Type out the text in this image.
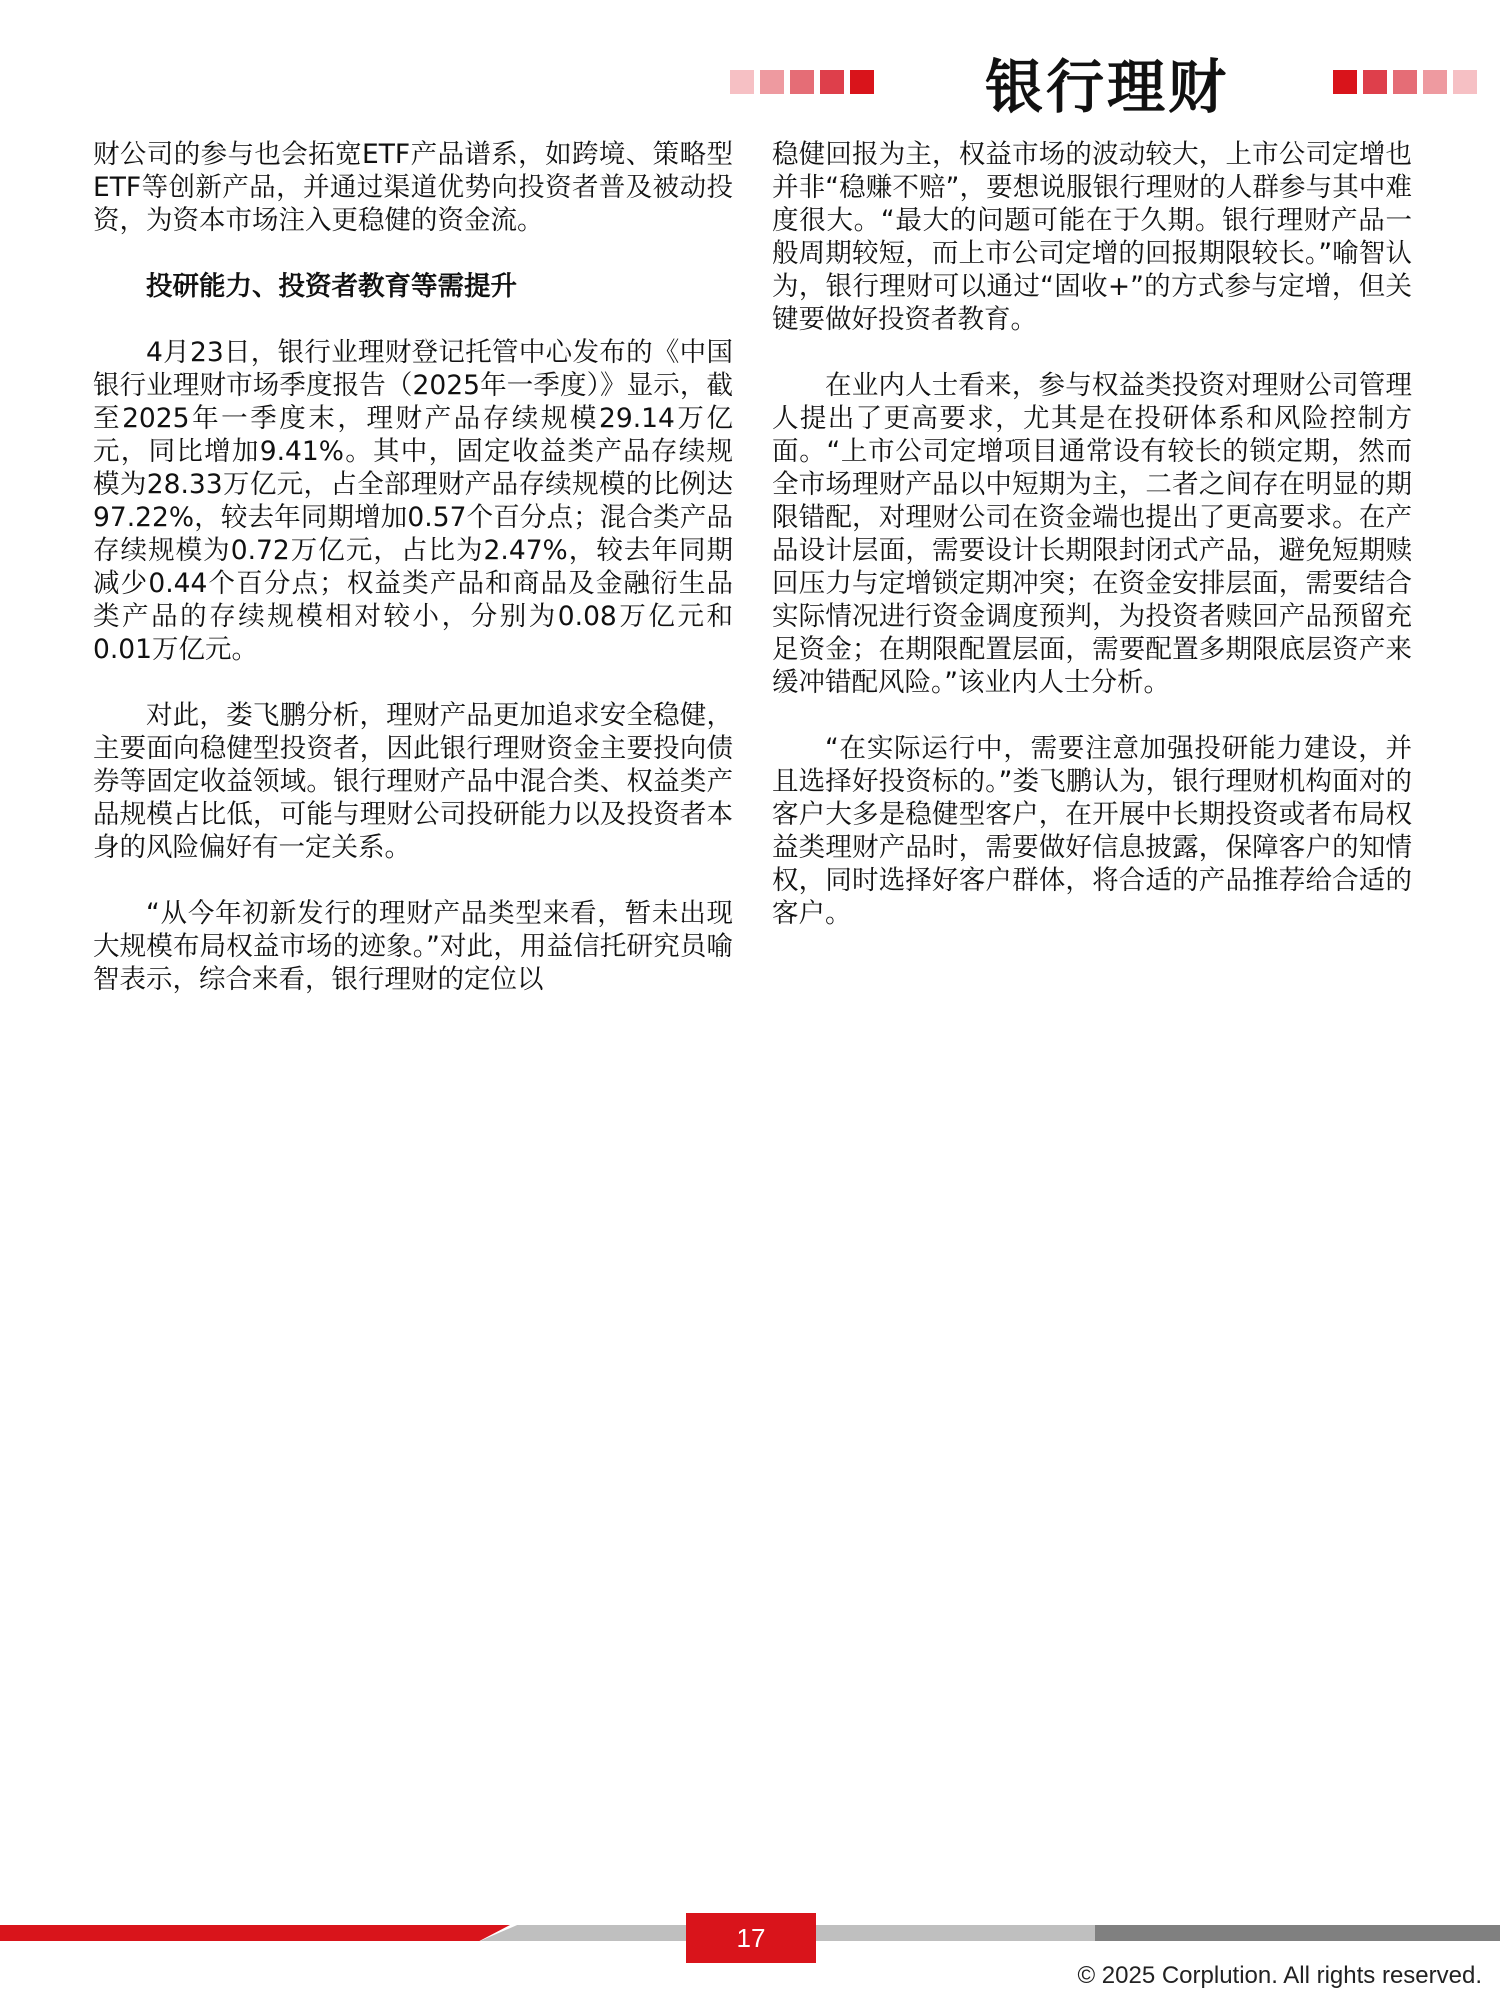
银行理财

财公司的参与也会拓宽ETF产品谱系，如跨境、策略型ETF等创新产品，并通过渠道优势向投资者普及被动投资，为资本市场注入更稳健的资金流。

投研能力、投资者教育等需提升

4月23日，银行业理财登记托管中心发布的《中国银行业理财市场季度报告（2025年一季度）》显示，截至2025年一季度末，理财产品存续规模29.14万亿元，同比增加9.41%。其中，固定收益类产品存续规模为28.33万亿元，占全部理财产品存续规模的比例达97.22%，较去年同期增加0.57个百分点；混合类产品存续规模为0.72万亿元，占比为2.47%，较去年同期减少0.44个百分点；权益类产品和商品及金融衍生品类产品的存续规模相对较小，分别为0.08万亿元和0.01万亿元。

对此，娄飞鹏分析，理财产品更加追求安全稳健，主要面向稳健型投资者，因此银行理财资金主要投向债券等固定收益领域。银行理财产品中混合类、权益类产品规模占比低，可能与理财公司投研能力以及投资者本身的风险偏好有一定关系。

“从今年初新发行的理财产品类型来看，暂未出现大规模布局权益市场的迹象。”对此，用益信托研究员喻智表示，综合来看，银行理财的定位以

稳健回报为主，权益市场的波动较大，上市公司定增也并非“稳赚不赔”，要想说服银行理财的人群参与其中难度很大。“最大的问题可能在于久期。银行理财产品一般周期较短，而上市公司定增的回报期限较长。”喻智认为，银行理财可以通过“固收+”的方式参与定增，但关键要做好投资者教育。

在业内人士看来，参与权益类投资对理财公司管理人提出了更高要求，尤其是在投研体系和风险控制方面。“上市公司定增项目通常设有较长的锁定期，然而全市场理财产品以中短期为主，二者之间存在明显的期限错配，对理财公司在资金端也提出了更高要求。在产品设计层面，需要设计长期限封闭式产品，避免短期赎回压力与定增锁定期冲突；在资金安排层面，需要结合实际情况进行资金调度预判，为投资者赎回产品预留充足资金；在期限配置层面，需要配置多期限底层资产来缓冲错配风险。”该业内人士分析。

“在实际运行中，需要注意加强投研能力建设，并且选择好投资标的。”娄飞鹏认为，银行理财机构面对的客户大多是稳健型客户，在开展中长期投资或者布局权益类理财产品时，需要做好信息披露，保障客户的知情权，同时选择好客户群体，将合适的产品推荐给合适的客户。

17

© 2025 Corplution. All rights reserved.
